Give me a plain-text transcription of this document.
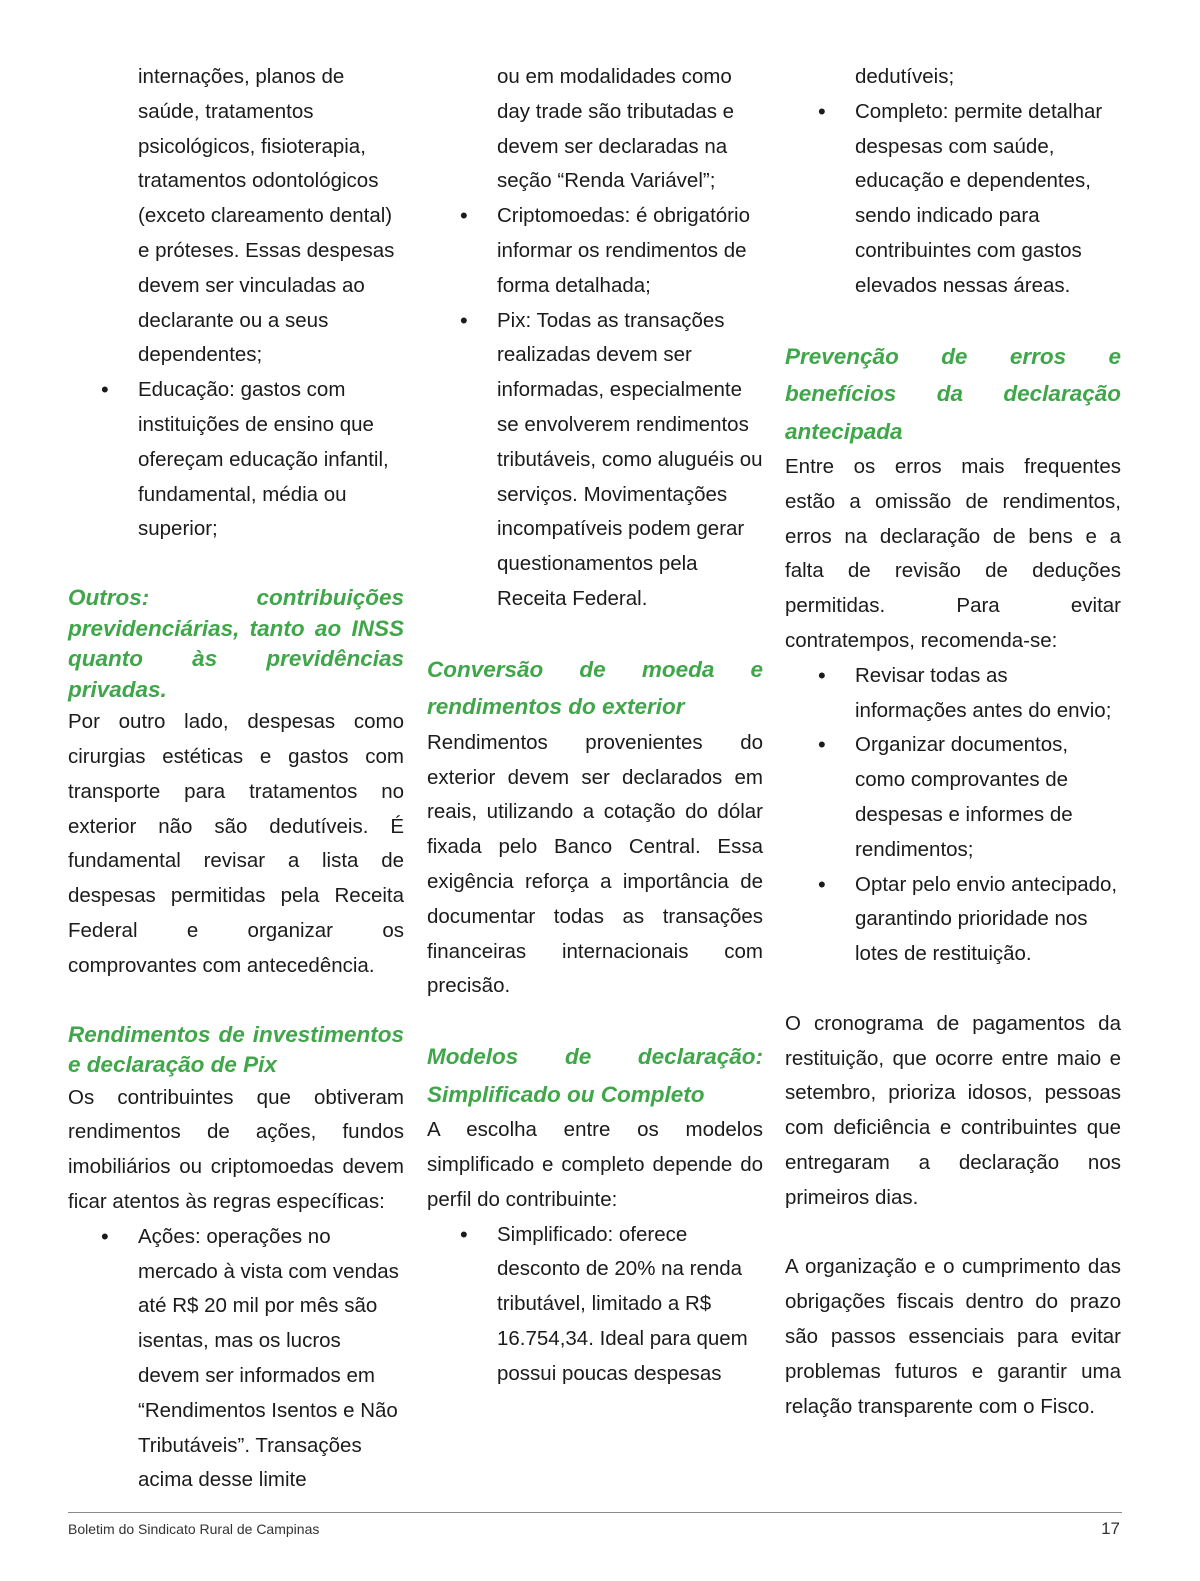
internações, planos de saúde, tratamentos psicológicos, fisioterapia, tratamentos odontológicos (exceto clareamento dental) e próteses. Essas despesas devem ser vinculadas ao declarante ou a seus dependentes;

• Educação: gastos com instituições de ensino que ofereçam educação infantil, fundamental, média ou superior;
Outros: contribuições previdenciárias, tanto ao INSS quanto às previdências privadas.

Por outro lado, despesas como cirurgias estéticas e gastos com transporte para tratamentos no exterior não são dedutíveis. É fundamental revisar a lista de despesas permitidas pela Receita Federal e organizar os comprovantes com antecedência.

Rendimentos de investimentos e declaração de Pix

Os contribuintes que obtiveram rendimentos de ações, fundos imobiliários ou criptomoedas devem ficar atentos às regras específicas:

• Ações: operações no mercado à vista com vendas até R$ 20 mil por mês são isentas, mas os lucros devem ser informados em “Rendimentos Isentos e Não Tributáveis”. Transações acima desse limite
ou em modalidades como day trade são tributadas e devem ser declaradas na seção “Renda Variável”;
• Criptomoedas: é obrigatório informar os rendimentos de forma detalhada;
• Pix: Todas as transações realizadas devem ser informadas, especialmente se envolverem rendimentos tributáveis, como aluguéis ou serviços. Movimentações incompatíveis podem gerar questionamentos pela Receita Federal.
Conversão de moeda e rendimentos do exterior

Rendimentos provenientes do exterior devem ser declarados em reais, utilizando a cotação do dólar fixada pelo Banco Central. Essa exigência reforça a importância de documentar todas as transações financeiras internacionais com precisão.

Modelos de declaração: Simplificado ou Completo

A escolha entre os modelos simplificado e completo depende do perfil do contribuinte:

• Simplificado: oferece desconto de 20% na renda tributável, limitado a R$ 16.754,34. Ideal para quem possui poucas despesas
dedutíveis;
• Completo: permite detalhar despesas com saúde, educação e dependentes, sendo indicado para contribuintes com gastos elevados nessas áreas.
Prevenção de erros e benefícios da declaração antecipada

Entre os erros mais frequentes estão a omissão de rendimentos, erros na declaração de bens e a falta de revisão de deduções permitidas. Para evitar contratempos, recomenda-se:

• Revisar todas as informações antes do envio;
• Organizar documentos, como comprovantes de despesas e informes de rendimentos;
• Optar pelo envio antecipado, garantindo prioridade nos lotes de restituição.

O cronograma de pagamentos da restituição, que ocorre entre maio e setembro, prioriza idosos, pessoas com deficiência e contribuintes que entregaram a declaração nos primeiros dias.

A organização e o cumprimento das obrigações fiscais dentro do prazo são passos essenciais para evitar problemas futuros e garantir uma relação transparente com o Fisco.

Boletim do Sindicato Rural de Campinas	17
